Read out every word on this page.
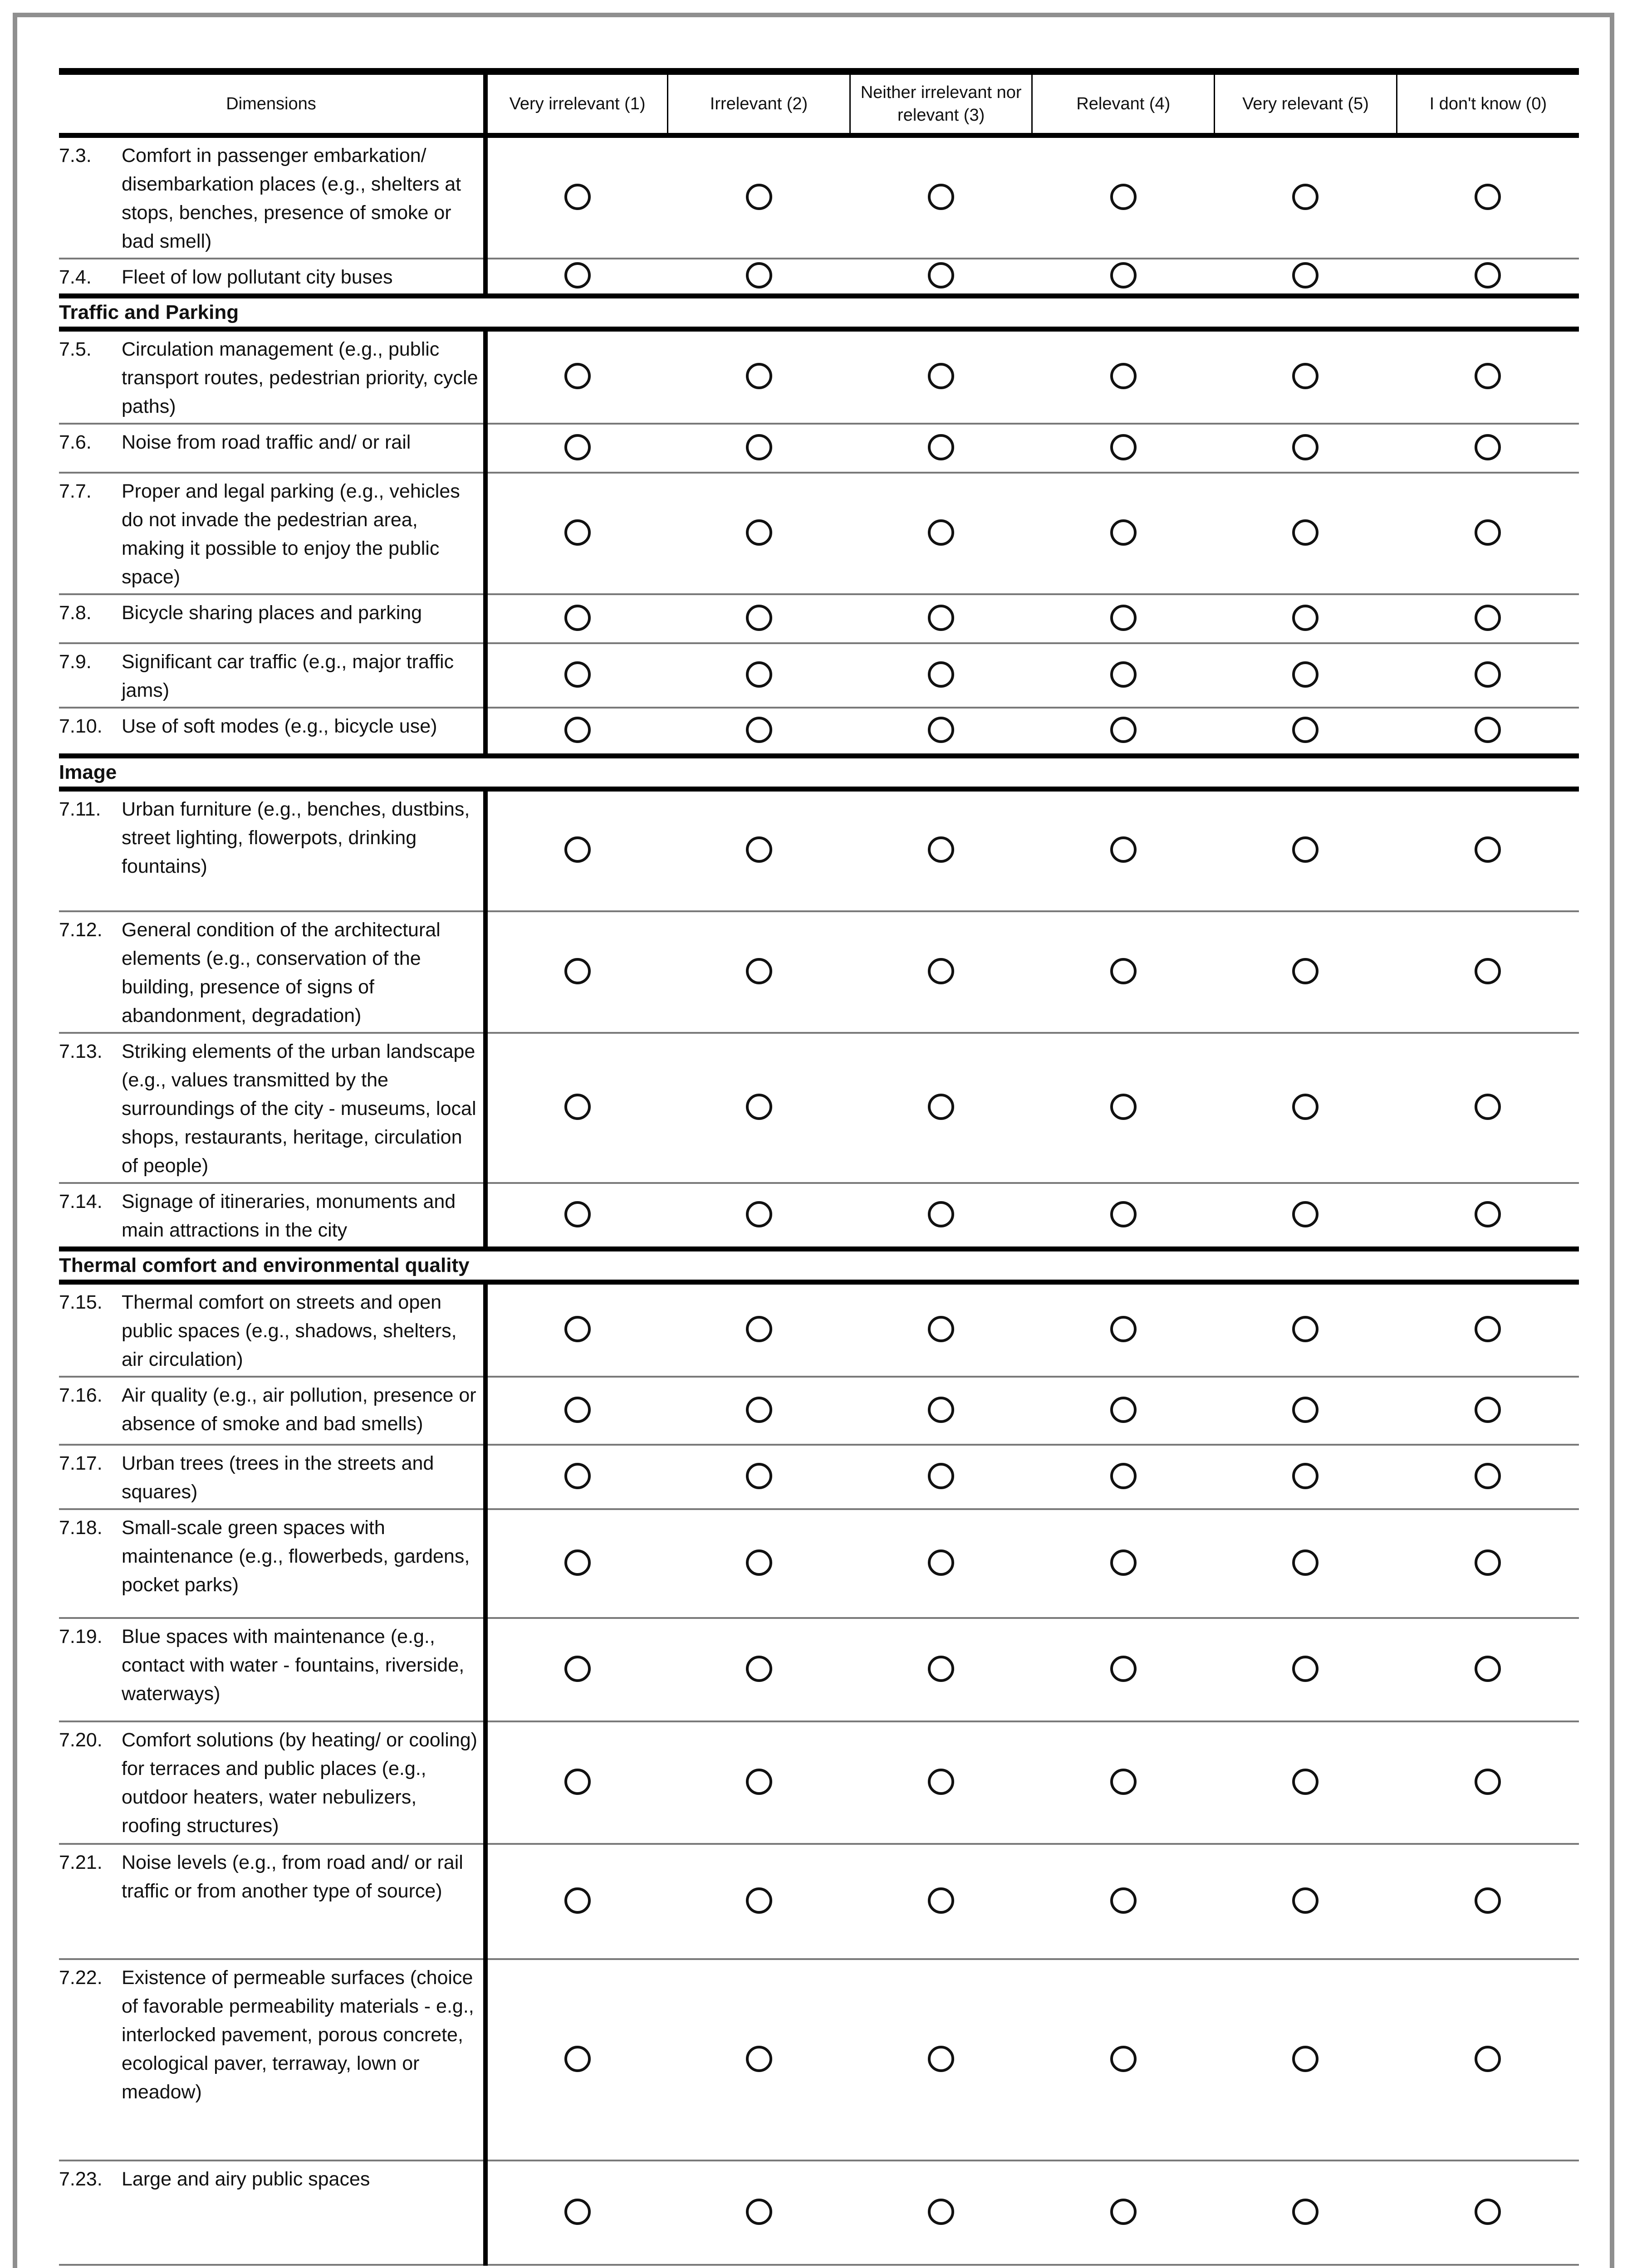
Dimensions	Very irrelevant (1)	Irrelevant (2)	Neither irrelevant nor relevant (3)	Relevant (4)	Very relevant (5)	I don't know (0)

7.3. Comfort in passenger embarkation/ disembarkation places (e.g., shelters at stops, benches, presence of smoke or bad smell)						

7.4. Fleet of low pollutant city buses						

Traffic and Parking						

7.5. Circulation management (e.g., public transport routes, pedestrian priority, cycle paths)						

7.6. Noise from road traffic and/ or rail						

7.7. Proper and legal parking (e.g., vehicles do not invade the pedestrian area, making it possible to enjoy the public space)						

7.8. Bicycle sharing places and parking						

7.9. Significant car traffic (e.g., major traffic jams)						

7.10. Use of soft modes (e.g., bicycle use)						

Image						

7.11. Urban furniture (e.g., benches, dustbins, street lighting, flowerpots, drinking fountains)						

7.12. General condition of the architectural elements (e.g., conservation of the building, presence of signs of abandonment, degradation)						

7.13. Striking elements of the urban landscape (e.g., values transmitted by the surroundings of the city - museums, local shops, restaurants, heritage, circulation of people)						

7.14. Signage of itineraries, monuments and main attractions in the city						

Thermal comfort and environmental quality						

7.15. Thermal comfort on streets and open public spaces (e.g., shadows, shelters, air circulation)						

7.16. Air quality (e.g., air pollution, presence or absence of smoke and bad smells)						

7.17. Urban trees (trees in the streets and squares)						

7.18. Small-scale green spaces with maintenance (e.g., flowerbeds, gardens, pocket parks)						

7.19. Blue spaces with maintenance (e.g., contact with water - fountains, riverside, waterways)						

7.20. Comfort solutions (by heating/ or cooling) for terraces and public places (e.g., outdoor heaters, water nebulizers, roofing structures)						

7.21. Noise levels (e.g., from road and/ or rail traffic or from another type of source)						

7.22. Existence of permeable surfaces (choice of favorable permeability materials - e.g., interlocked pavement, porous concrete, ecological paver, terraway, lown or meadow)						

7.23. Large and airy public spaces						
